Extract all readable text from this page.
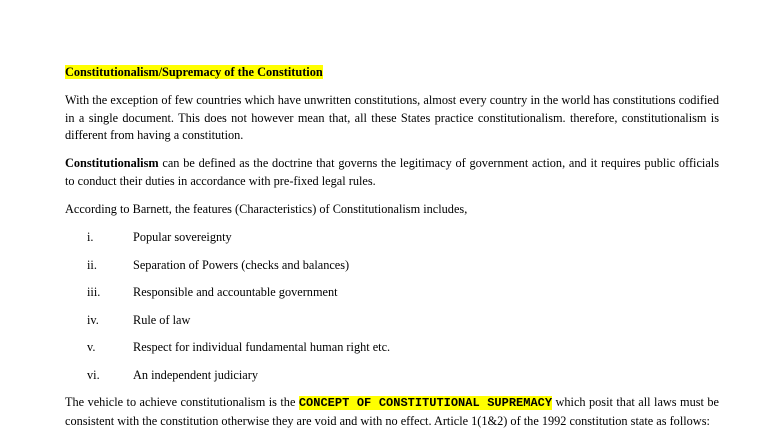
Constitutionalism/Supremacy of the Constitution

With the exception of few countries which have unwritten constitutions, almost every country in the world has constitutions codified in a single document. This does not however mean that, all these States practice constitutionalism. therefore, constitutionalism is different from having a constitution.

Constitutionalism can be defined as the doctrine that governs the legitimacy of government action, and it requires public officials to conduct their duties in accordance with pre-fixed legal rules.

According to Barnett, the features (Characteristics) of Constitutionalism includes,

i.	Popular sovereignty
ii.	Separation of Powers (checks and balances)
iii.	Responsible and accountable government
iv.	Rule of law
v.	Respect for individual fundamental human right etc.
vi.	An independent judiciary

The vehicle to achieve constitutionalism is the CONCEPT OF CONSTITUTIONAL SUPREMACY which posit that all laws must be consistent with the constitution otherwise they are void and with no effect. Article 1(1&2) of the 1992 constitution state as follows:
